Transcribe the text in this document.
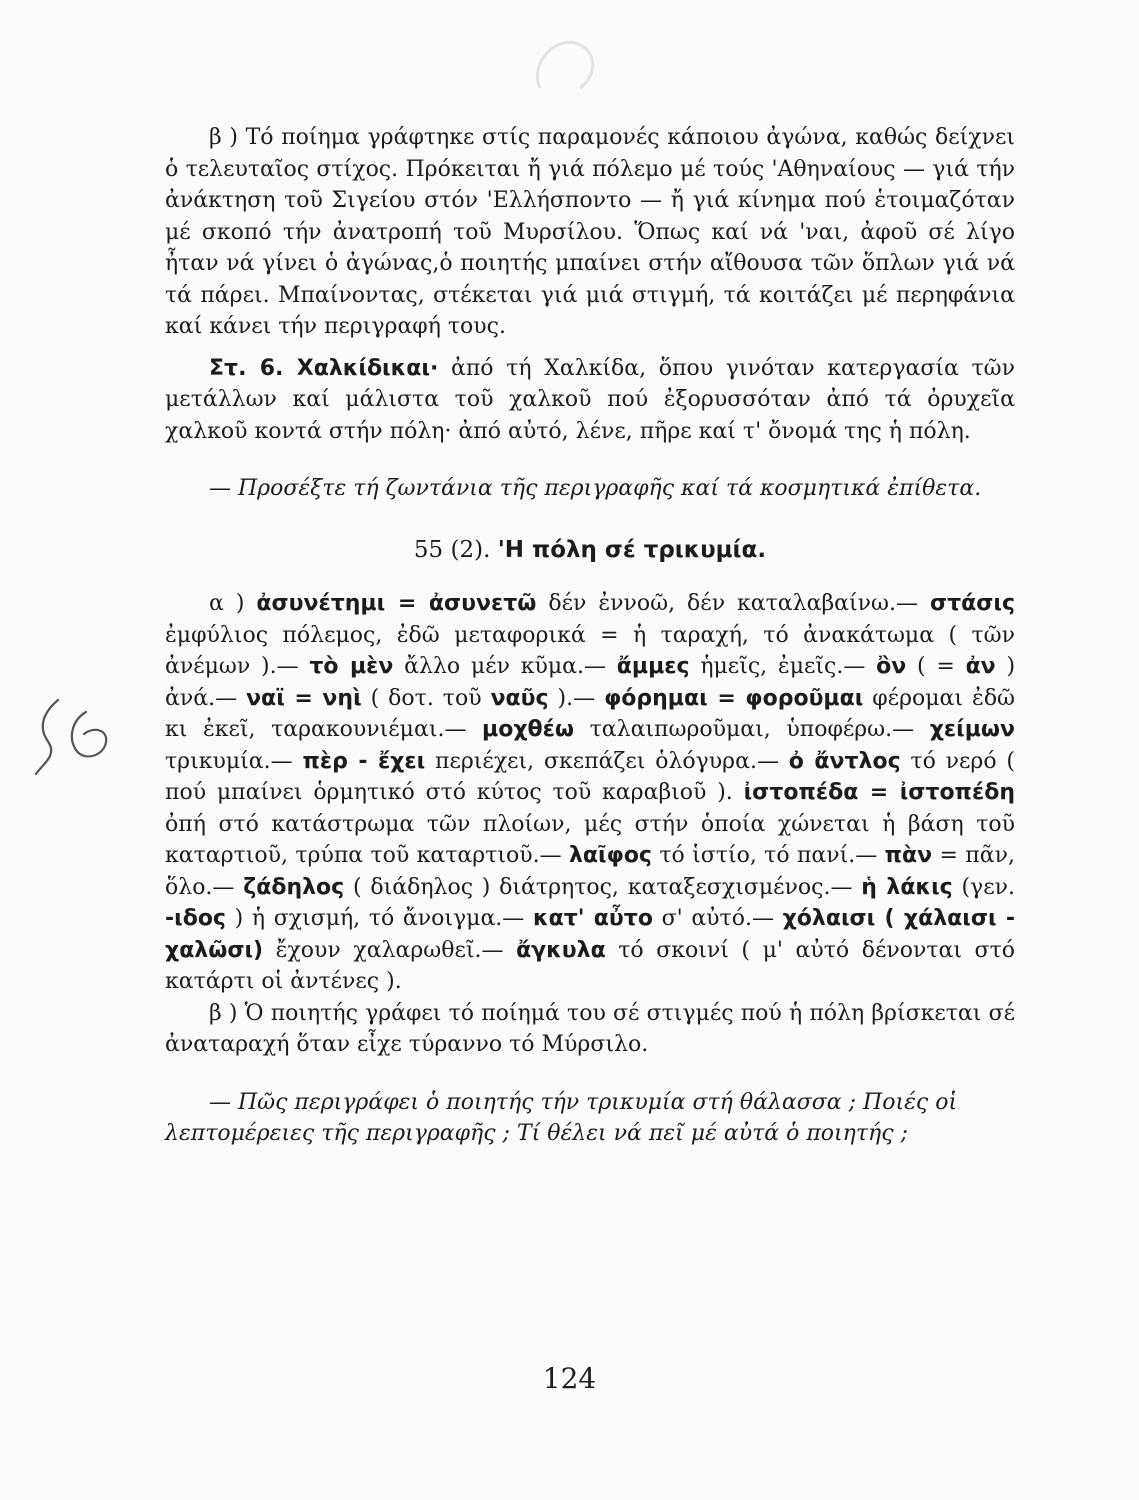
β ) Τό ποίημα γράφτηκε στίς παραμονές κάποιου ἀγώνα, καθώς δείχνει ὁ τελευταῖος στίχος. Πρόκειται ἤ γιά πόλεμο μέ τούς 'Αθηναίους — γιά τήν ἀνάκτηση τοῦ Σιγείου στόν 'Ελλήσποντο — ἤ γιά κίνημα πού ἑτοιμαζόταν μέ σκοπό τήν ἀνατροπή τοῦ Μυρσίλου. Ὅπως καί νά 'ναι, ἀφοῦ σέ λίγο ἦταν νά γίνει ὁ ἀγώνας,ὁ ποιητής μπαίνει στήν αἴθουσα τῶν ὅπλων γιά νά τά πάρει. Μπαίνοντας, στέκεται γιά μιά στιγμή, τά κοιτάζει μέ περηφάνια καί κάνει τήν περιγραφή τους.

Στ. 6. Χαλκίδικαι· ἀπό τή Χαλκίδα, ὅπου γινόταν κατεργασία τῶν μετάλλων καί μάλιστα τοῦ χαλκοῦ πού ἐξορυσσόταν ἀπό τά ὀρυχεῖα χαλκοῦ κοντά στήν πόλη· ἀπό αὐτό, λένε, πῆρε καί τ' ὄνομά της ἡ πόλη.

— Προσέξτε τή ζωντάνια τῆς περιγραφῆς καί τά κοσμητικά ἐπίθετα.

55 (2). 'Η πόλη σέ τρικυμία.

α ) ἀσυνέτημι = ἀσυνετῶ δέν ἐννοῶ, δέν καταλαβαίνω.— στάσις ἐμφύλιος πόλεμος, ἐδῶ μεταφορικά = ἡ ταραχή, τό ἀνακάτωμα ( τῶν ἀνέμων ).— τὸ μὲν ἄλλο μέν κῦμα.— ἄμμες ἡμεῖς, ἐμεῖς.— ὂν ( = ἀν ) ἀνά.— ναϊ = νηὶ ( δοτ. τοῦ ναῦς ).— φόρημαι = φοροῦμαι φέρομαι ἐδῶ κι ἐκεῖ, ταρακουνιέμαι.— μοχθέω ταλαιπωροῦμαι, ὑποφέρω.— χείμων τρικυμία.— πὲρ - ἔχει περιέχει, σκεπάζει ὁλόγυρα.— ὀ ἄντλος τό νερό ( πού μπαίνει ὁρμητικό στό κύτος τοῦ καραβιοῦ ). ἰστοπέδα = ἰστοπέδη ὀπή στό κατάστρωμα τῶν πλοίων, μές στήν ὁποία χώνεται ἡ βάση τοῦ καταρτιοῦ, τρύπα τοῦ καταρτιοῦ.— λαῖφος τό ἱστίο, τό πανί.— πὰν = πᾶν, ὅλο.— ζάδηλος ( διάδηλος ) διάτρητος, καταξεσχισμένος.— ἡ λάκις (γεν. -ιδος ) ἡ σχισμή, τό ἄνοιγμα.— κατ' αὖτο σ' αὐτό.— χόλαισι ( χάλαισι - χαλῶσι) ἔχουν χαλαρωθεῖ.— ἄγκυλα τό σκοινί ( μ' αὐτό δένονται στό κατάρτι οἱ ἀντένες ).

β ) Ὁ ποιητής γράφει τό ποίημά του σέ στιγμές πού ἡ πόλη βρίσκεται σέ ἀναταραχή ὅταν εἶχε τύραννο τό Μύρσιλο.

— Πῶς περιγράφει ὁ ποιητής τήν τρικυμία στή θάλασσα ; Ποιές οἱ λεπτομέρειες τῆς περιγραφῆς ; Τί θέλει νά πεῖ μέ αὐτά ὁ ποιητής ;

124
